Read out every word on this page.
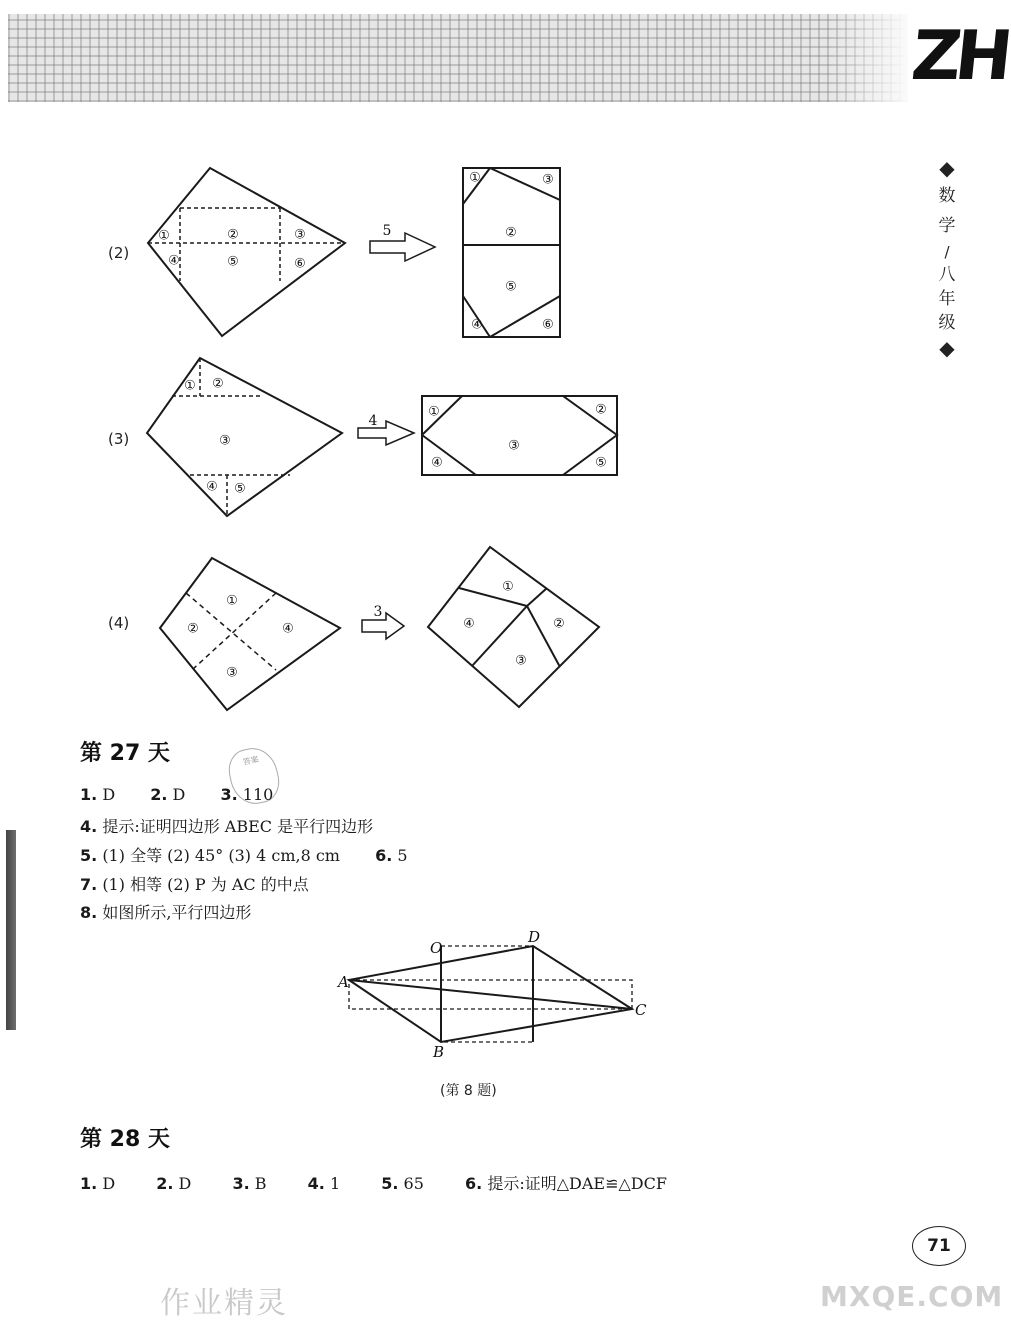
ZH
◆
数
学
/
八
年
级
◆
(2)
(3)
(4)
①	②	③
④	⑤	⑥
①	③
②
⑤
④	⑥
5
① ②
③
④ ⑤
①	②
③
④	⑤
4
①
②	④
③
①
④	②
③
3
A
O
D
C
B
第 27 天	答案
1. D 2. D 3. 110
4. 提示:证明四边形 ABEC 是平行四边形
5. (1) 全等 (2) 45° (3) 4 cm,8 cm 6. 5
7. (1) 相等 (2) P 为 AC 的中点
8. 如图所示,平行四边形
(第 8 题)
第 28 天
1. D	2. D	3. B	4. 1	5. 65	6. 提示:证明△DAE≌△DCF
71
作业精灵	MXQE.COM
